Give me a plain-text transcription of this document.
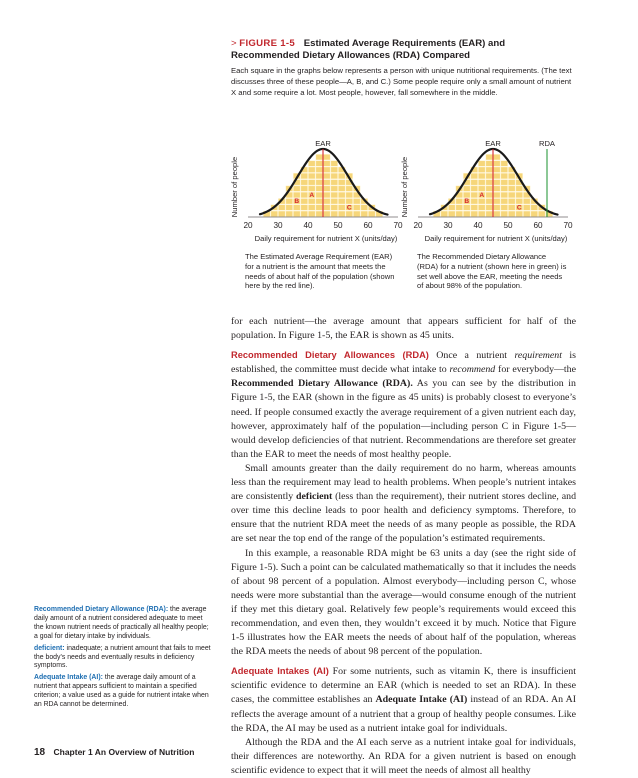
> FIGURE 1-5 Estimated Average Requirements (EAR) and Recommended Dietary Allowances (RDA) Compared
Each square in the graphs below represents a person with unique nutritional requirements. (The text discusses three of these people—A, B, and C.) Some people require only a small amount of nutrient X and some require a lot. Most people, however, fall somewhere in the middle.
EAR
A
B
C
20	30	40	50	60	70
Daily requirement for nutrient X (units/day)
Number of people
The Estimated Average Requirement (EAR) for a nutrient is the amount that meets the needs of about half of the population (shown here by the red line).
EAR	RDA
A
B
C
20	30	40	50	60	70
Daily requirement for nutrient X (units/day)
Number of people
The Recommended Dietary Allowance (RDA) for a nutrient (shown here in green) is set well above the EAR, meeting the needs of about 98% of the population.

for each nutrient—the average amount that appears sufficient for half of the population. In Figure 1-5, the EAR is shown as 45 units.

Recommended Dietary Allowances (RDA) Once a nutrient requirement is established, the committee must decide what intake to recommend for everybody—the Recommended Dietary Allowance (RDA). As you can see by the distribution in Figure 1-5, the EAR (shown in the figure as 45 units) is probably closest to everyone’s need. If people consumed exactly the average requirement of a given nutrient each day, however, approximately half of the population—including person C in Figure 1-5—would develop deficiencies of that nutrient. Recommendations are therefore set greater than the EAR to meet the needs of most healthy people.

Small amounts greater than the daily requirement do no harm, whereas amounts less than the requirement may lead to health problems. When people’s nutrient intakes are consistently deficient (less than the requirement), their nutrient stores decline, and over time this decline leads to poor health and deficiency symptoms. Therefore, to ensure that the nutrient RDA meet the needs of as many people as possible, the RDA are set near the top end of the range of the population’s estimated requirements.

In this example, a reasonable RDA might be 63 units a day (see the right side of Figure 1-5). Such a point can be calculated mathematically so that it includes the needs of about 98 percent of a population. Almost everybody—including person C, whose needs were more substantial than the average—would consume enough of the nutrient if they met this dietary goal. Relatively few people’s requirements would exceed this recommendation, and even then, they wouldn’t exceed it by much. Notice that Figure 1-5 illustrates how the EAR meets the needs of about half of the population, whereas the RDA meets the needs of about 98 percent of the population.

Adequate Intakes (AI) For some nutrients, such as vitamin K, there is insufficient scientific evidence to determine an EAR (which is needed to set an RDA). In these cases, the committee establishes an Adequate Intake (AI) instead of an RDA. An AI reflects the average amount of a nutrient that a group of healthy people consumes. Like the RDA, the AI may be used as a nutrient intake goal for individuals.

Although the RDA and the AI each serve as a nutrient intake goal for individuals, their differences are noteworthy. An RDA for a given nutrient is based on enough scientific evidence to expect that it will meet the needs of almost all healthy

Recommended Dietary Allowance (RDA): the average daily amount of a nutrient considered adequate to meet the known nutrient needs of practically all healthy people; a goal for dietary intake by individuals.
deficient: inadequate; a nutrient amount that fails to meet the body’s needs and eventually results in deficiency symptoms.
Adequate Intake (AI): the average daily amount of a nutrient that appears sufficient to maintain a specified criterion; a value used as a guide for nutrient intake when an RDA cannot be determined.
18 Chapter 1 An Overview of Nutrition
